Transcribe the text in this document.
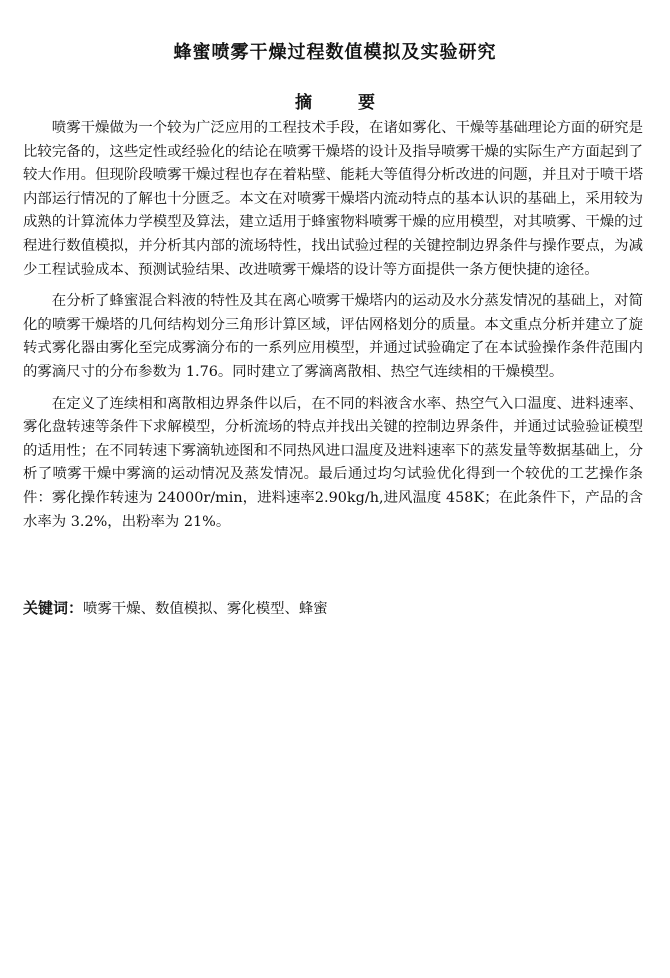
蜂蜜喷雾干燥过程数值模拟及实验研究
摘 要

喷雾干燥做为一个较为广泛应用的工程技术手段，在诸如雾化、干燥等基础理论方面的研究是比较完备的，这些定性或经验化的结论在喷雾干燥塔的设计及指导喷雾干燥的实际生产方面起到了较大作用。但现阶段喷雾干燥过程也存在着粘壁、能耗大等值得分析改进的问题，并且对于喷干塔内部运行情况的了解也十分匮乏。本文在对喷雾干燥塔内流动特点的基本认识的基础上，采用较为成熟的计算流体力学模型及算法，建立适用于蜂蜜物料喷雾干燥的应用模型，对其喷雾、干燥的过程进行数值模拟，并分析其内部的流场特性，找出试验过程的关键控制边界条件与操作要点，为减少工程试验成本、预测试验结果、改进喷雾干燥塔的设计等方面提供一条方便快捷的途径。

在分析了蜂蜜混合料液的特性及其在离心喷雾干燥塔内的运动及水分蒸发情况的基础上，对简化的喷雾干燥塔的几何结构划分三角形计算区域，评估网格划分的质量。本文重点分析并建立了旋转式雾化器由雾化至完成雾滴分布的一系列应用模型，并通过试验确定了在本试验操作条件范围内的雾滴尺寸的分布参数为 1.76。同时建立了雾滴离散相、热空气连续相的干燥模型。

在定义了连续相和离散相边界条件以后，在不同的料液含水率、热空气入口温度、进料速率、雾化盘转速等条件下求解模型，分析流场的特点并找出关键的控制边界条件，并通过试验验证模型的适用性；在不同转速下雾滴轨迹图和不同热风进口温度及进料速率下的蒸发量等数据基础上，分析了喷雾干燥中雾滴的运动情况及蒸发情况。最后通过均匀试验优化得到一个较优的工艺操作条件：雾化操作转速为 24000r/min，进料速率2.90kg/h,进风温度 458K；在此条件下，产品的含水率为 3.2%，出粉率为 21%。

关键词：喷雾干燥、数值模拟、雾化模型、蜂蜜
